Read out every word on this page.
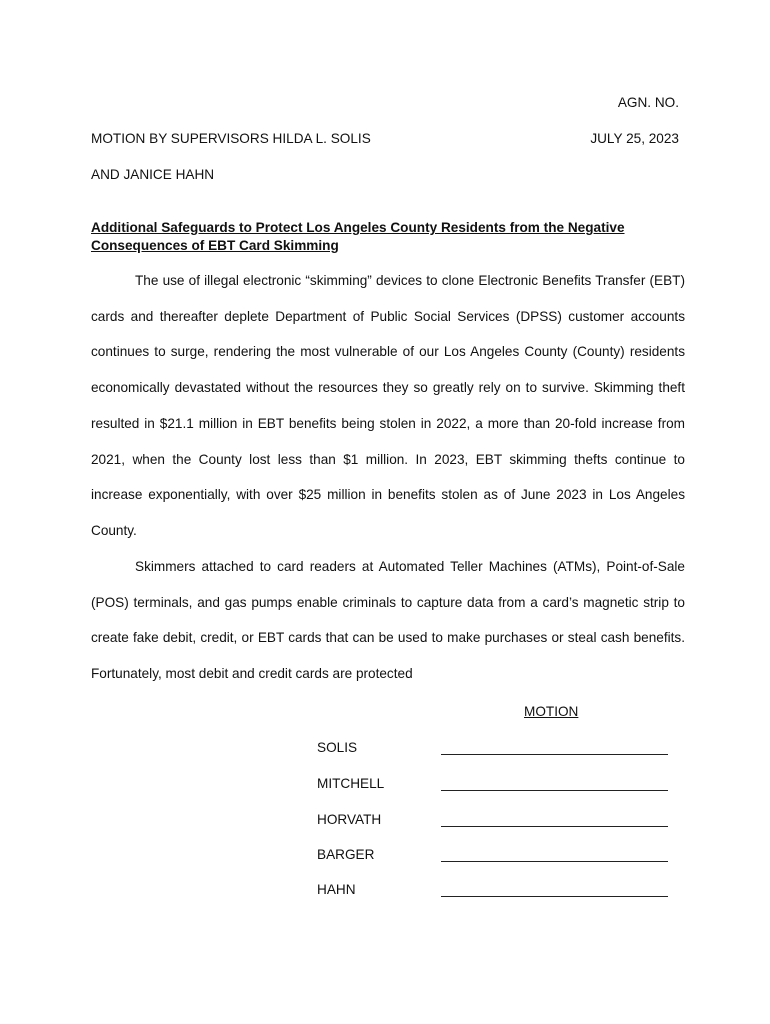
AGN. NO.
MOTION BY SUPERVISORS HILDA L. SOLIS	JULY 25, 2023
AND JANICE HAHN
Additional Safeguards to Protect Los Angeles County Residents from the Negative Consequences of EBT Card Skimming

The use of illegal electronic “skimming” devices to clone Electronic Benefits Transfer (EBT) cards and thereafter deplete Department of Public Social Services (DPSS) customer accounts continues to surge, rendering the most vulnerable of our Los Angeles County (County) residents economically devastated without the resources they so greatly rely on to survive. Skimming theft resulted in $21.1 million in EBT benefits being stolen in 2022, a more than 20-fold increase from 2021, when the County lost less than $1 million. In 2023, EBT skimming thefts continue to increase exponentially, with over $25 million in benefits stolen as of June 2023 in Los Angeles County.

Skimmers attached to card readers at Automated Teller Machines (ATMs), Point-of-Sale (POS) terminals, and gas pumps enable criminals to capture data from a card’s magnetic strip to create fake debit, credit, or EBT cards that can be used to make purchases or steal cash benefits. Fortunately, most debit and credit cards are protected

MOTION
SOLIS
MITCHELL
HORVATH
BARGER
HAHN
